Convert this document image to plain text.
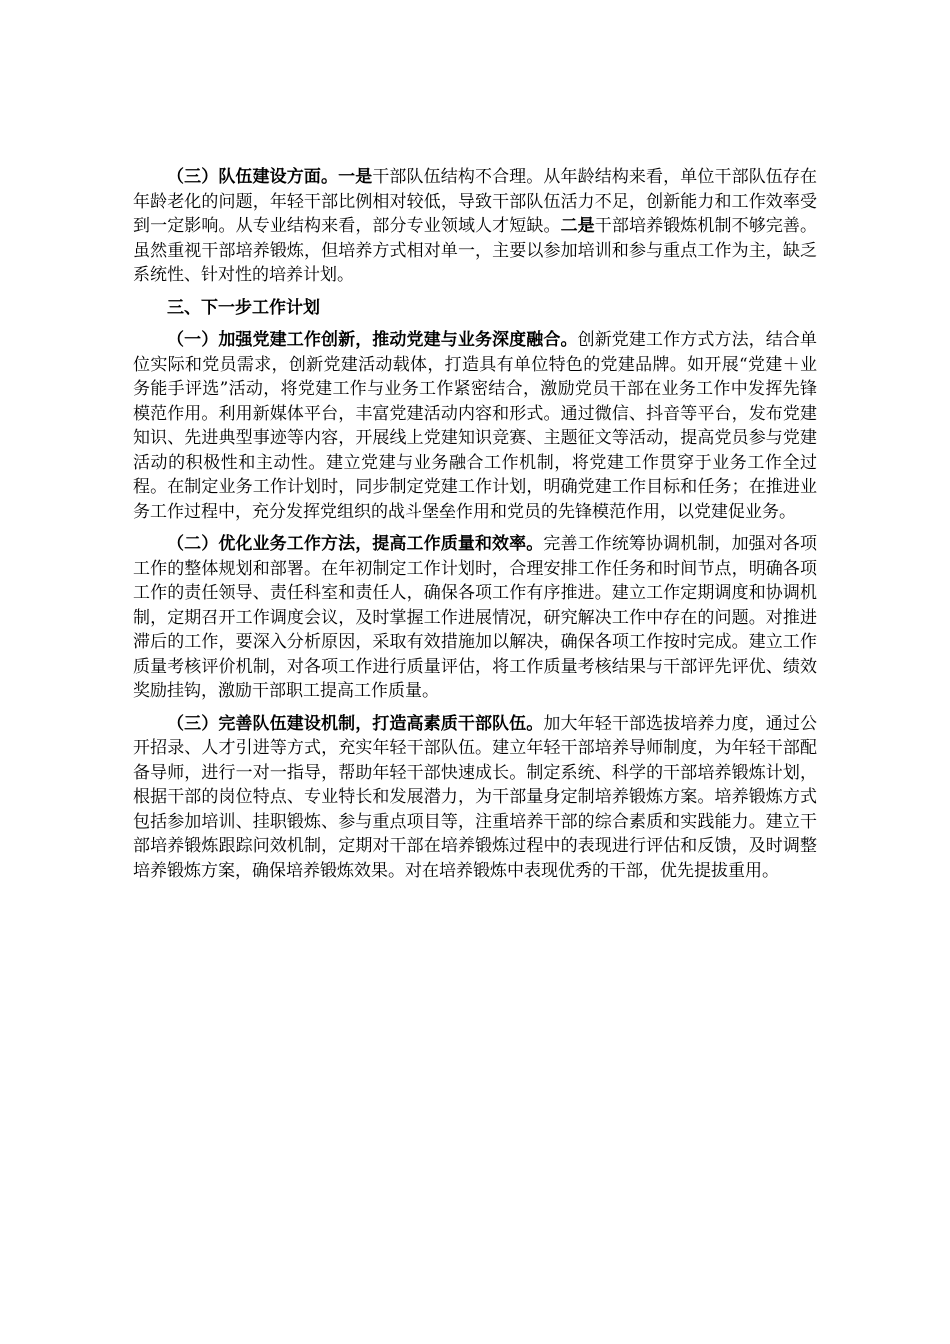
（三）队伍建设方面。一是干部队伍结构不合理。从年龄结构来看，单位干部队伍存在年龄老化的问题，年轻干部比例相对较低，导致干部队伍活力不足，创新能力和工作效率受到一定影响。从专业结构来看，部分专业领域人才短缺。二是干部培养锻炼机制不够完善。虽然重视干部培养锻炼，但培养方式相对单一，主要以参加培训和参与重点工作为主，缺乏系统性、针对性的培养计划。

三、下一步工作计划

（一）加强党建工作创新，推动党建与业务深度融合。创新党建工作方式方法，结合单位实际和党员需求，创新党建活动载体，打造具有单位特色的党建品牌。如开展“党建＋业务能手评选”活动，将党建工作与业务工作紧密结合，激励党员干部在业务工作中发挥先锋模范作用。利用新媒体平台，丰富党建活动内容和形式。通过微信、抖音等平台，发布党建知识、先进典型事迹等内容，开展线上党建知识竞赛、主题征文等活动，提高党员参与党建活动的积极性和主动性。建立党建与业务融合工作机制，将党建工作贯穿于业务工作全过程。在制定业务工作计划时，同步制定党建工作计划，明确党建工作目标和任务；在推进业务工作过程中，充分发挥党组织的战斗堡垒作用和党员的先锋模范作用，以党建促业务。

（二）优化业务工作方法，提高工作质量和效率。完善工作统筹协调机制，加强对各项工作的整体规划和部署。在年初制定工作计划时，合理安排工作任务和时间节点，明确各项工作的责任领导、责任科室和责任人，确保各项工作有序推进。建立工作定期调度和协调机制，定期召开工作调度会议，及时掌握工作进展情况，研究解决工作中存在的问题。对推进滞后的工作，要深入分析原因，采取有效措施加以解决，确保各项工作按时完成。建立工作质量考核评价机制，对各项工作进行质量评估，将工作质量考核结果与干部评先评优、绩效奖励挂钩，激励干部职工提高工作质量。

（三）完善队伍建设机制，打造高素质干部队伍。加大年轻干部选拔培养力度，通过公开招录、人才引进等方式，充实年轻干部队伍。建立年轻干部培养导师制度，为年轻干部配备导师，进行一对一指导，帮助年轻干部快速成长。制定系统、科学的干部培养锻炼计划，根据干部的岗位特点、专业特长和发展潜力，为干部量身定制培养锻炼方案。培养锻炼方式包括参加培训、挂职锻炼、参与重点项目等，注重培养干部的综合素质和实践能力。建立干部培养锻炼跟踪问效机制，定期对干部在培养锻炼过程中的表现进行评估和反馈，及时调整培养锻炼方案，确保培养锻炼效果。对在培养锻炼中表现优秀的干部，优先提拔重用。
